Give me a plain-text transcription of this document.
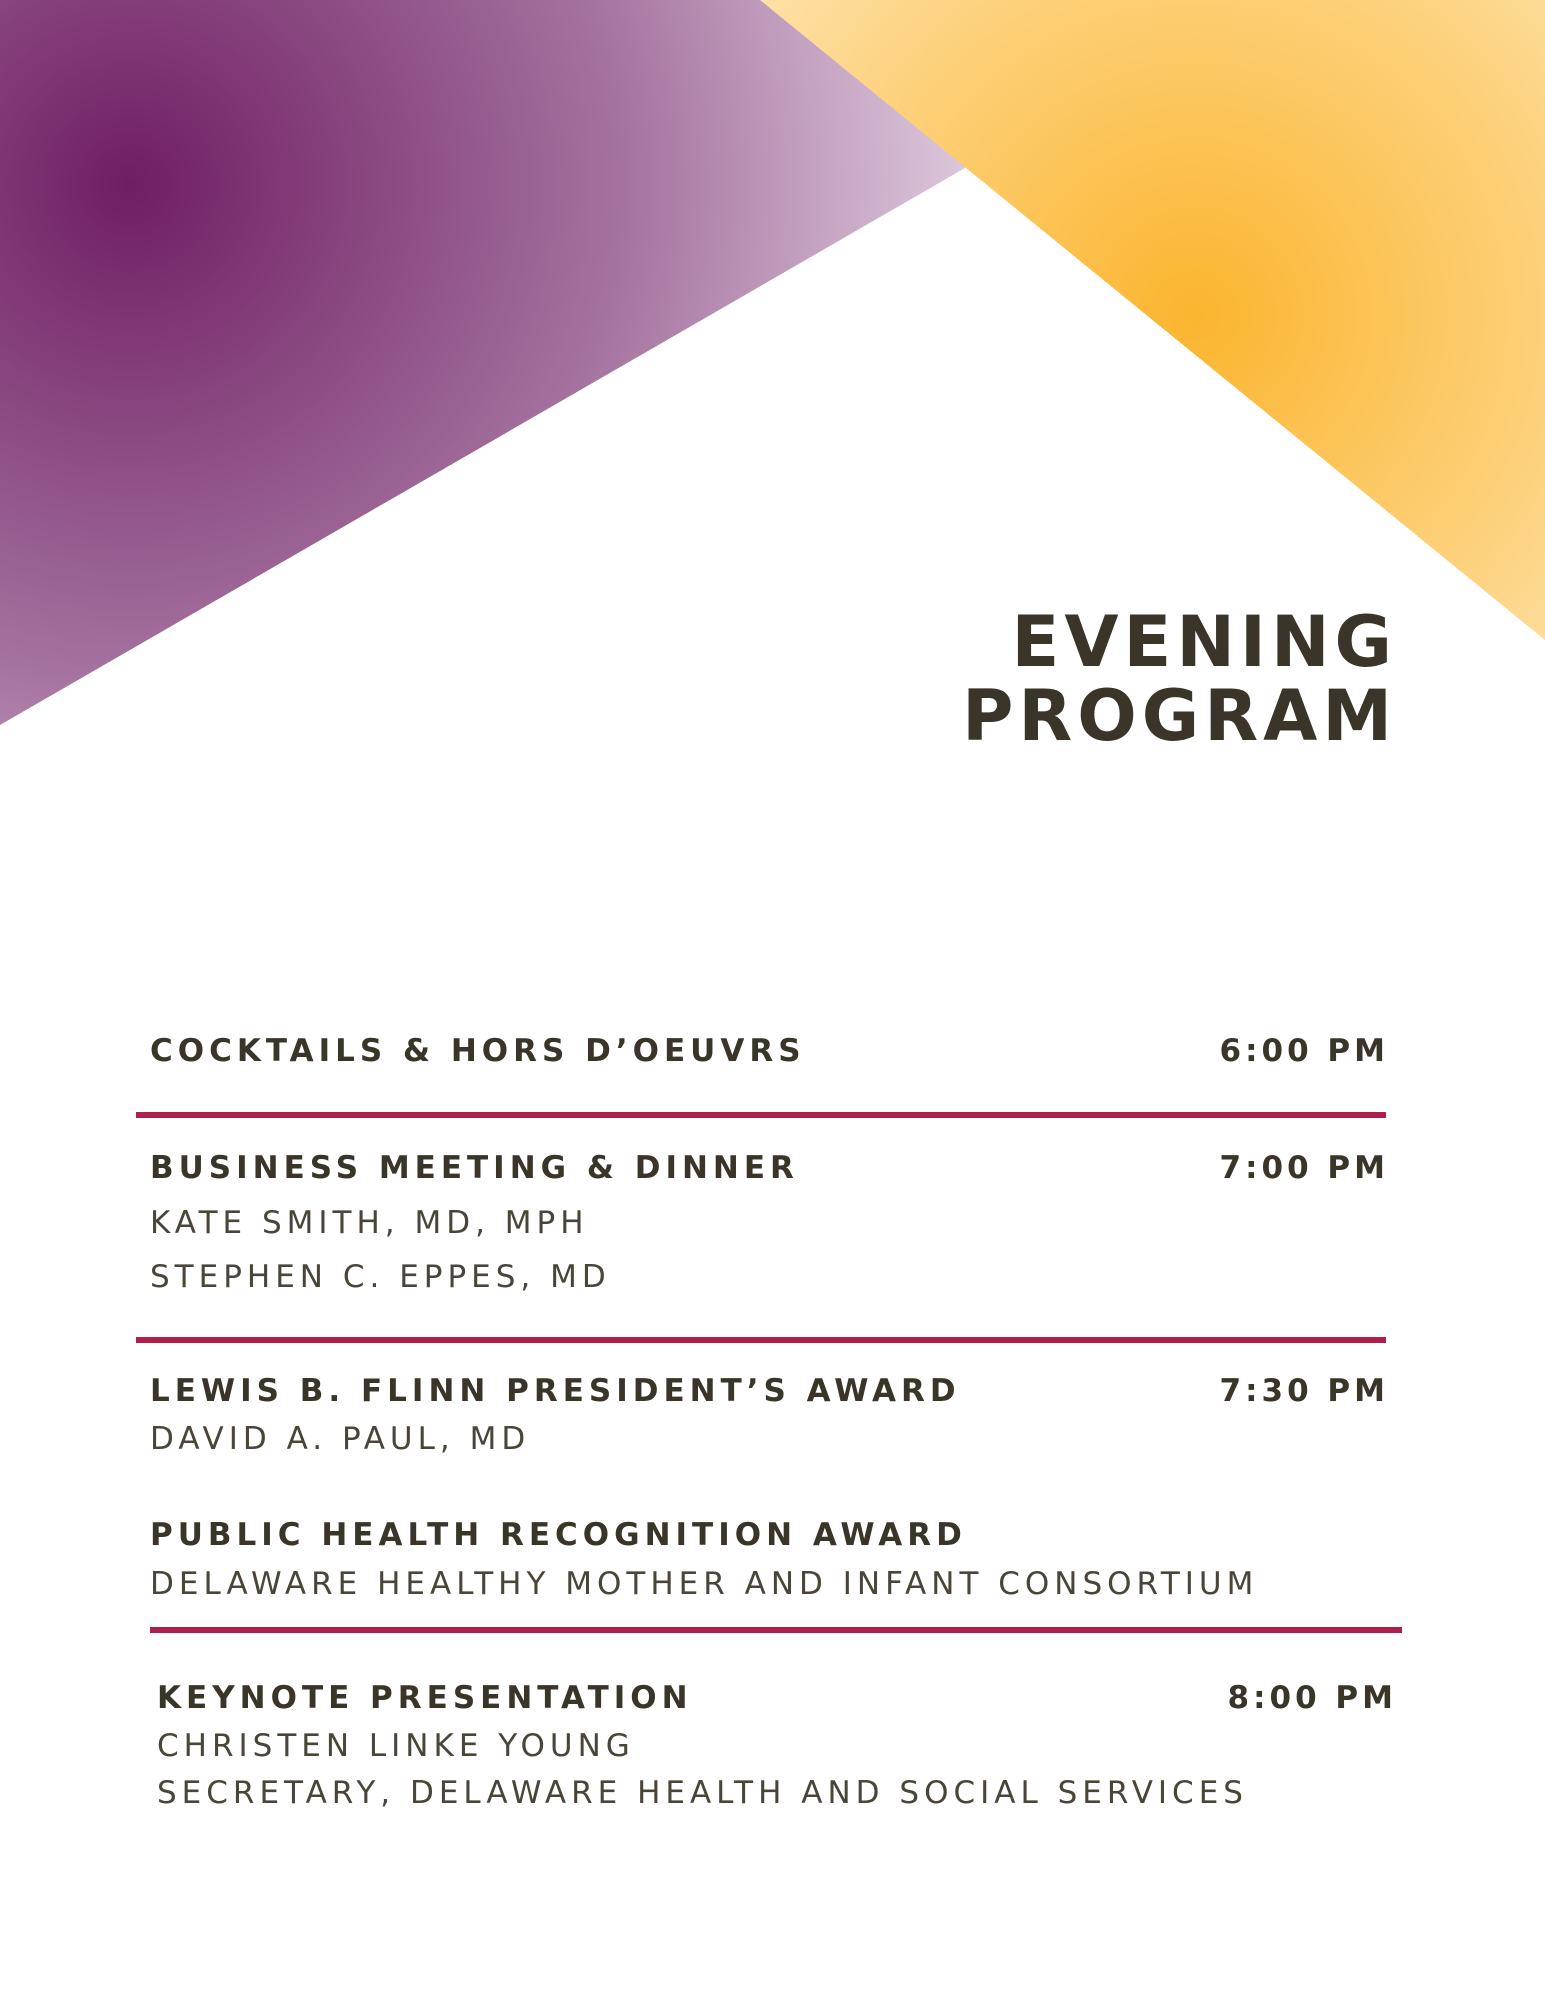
EVENING
PROGRAM
COCKTAILS & HORS D’OEUVRS	6:00 PM
BUSINESS MEETING & DINNER	7:00 PM
KATE SMITH, MD, MPH
STEPHEN C. EPPES, MD
LEWIS B. FLINN PRESIDENT’S AWARD	7:30 PM
DAVID A. PAUL, MD
PUBLIC HEALTH RECOGNITION AWARD
DELAWARE HEALTHY MOTHER AND INFANT CONSORTIUM
KEYNOTE PRESENTATION	8:00 PM
CHRISTEN LINKE YOUNG
SECRETARY, DELAWARE HEALTH AND SOCIAL SERVICES
